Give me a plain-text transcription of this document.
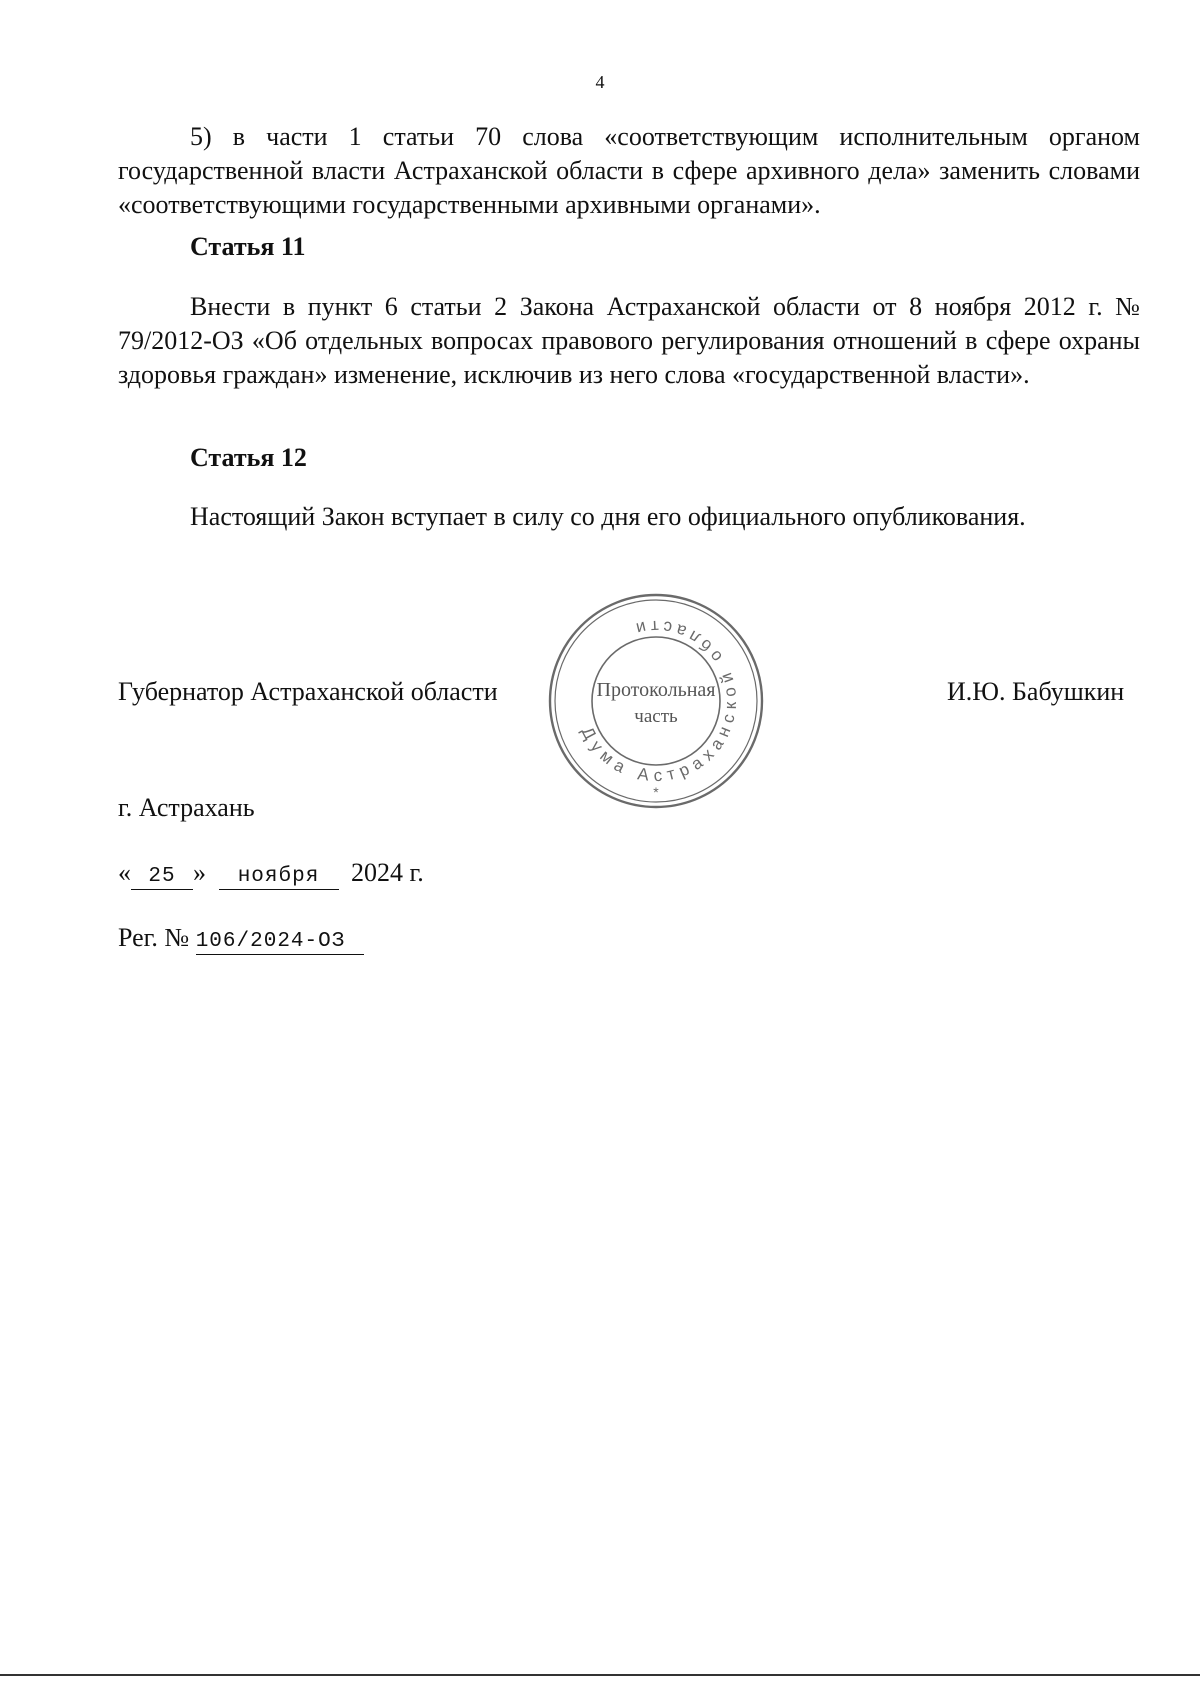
4

5) в части 1 статьи 70 слова «соответствующим исполнительным органом государственной власти Астраханской области в сфере архивного дела» заменить словами «соответствующими государственными архивными органами».

Статья 11

Внести в пункт 6 статьи 2 Закона Астраханской области от 8 ноября 2012 г. № 79/2012-ОЗ «Об отдельных вопросах правового регулирования отношений в сфере охраны здоровья граждан» изменение, исключив из него слова «государственной власти».

Статья 12

Настоящий Закон вступает в силу со дня его официального опубликования.

Губернатор Астраханской области	И.Ю. Бабушкин
Дума Астраханской области
Протокольная
часть
*
г. Астрахань
« 25 » ноября 2024 г.
Рег. № 106/2024-ОЗ
